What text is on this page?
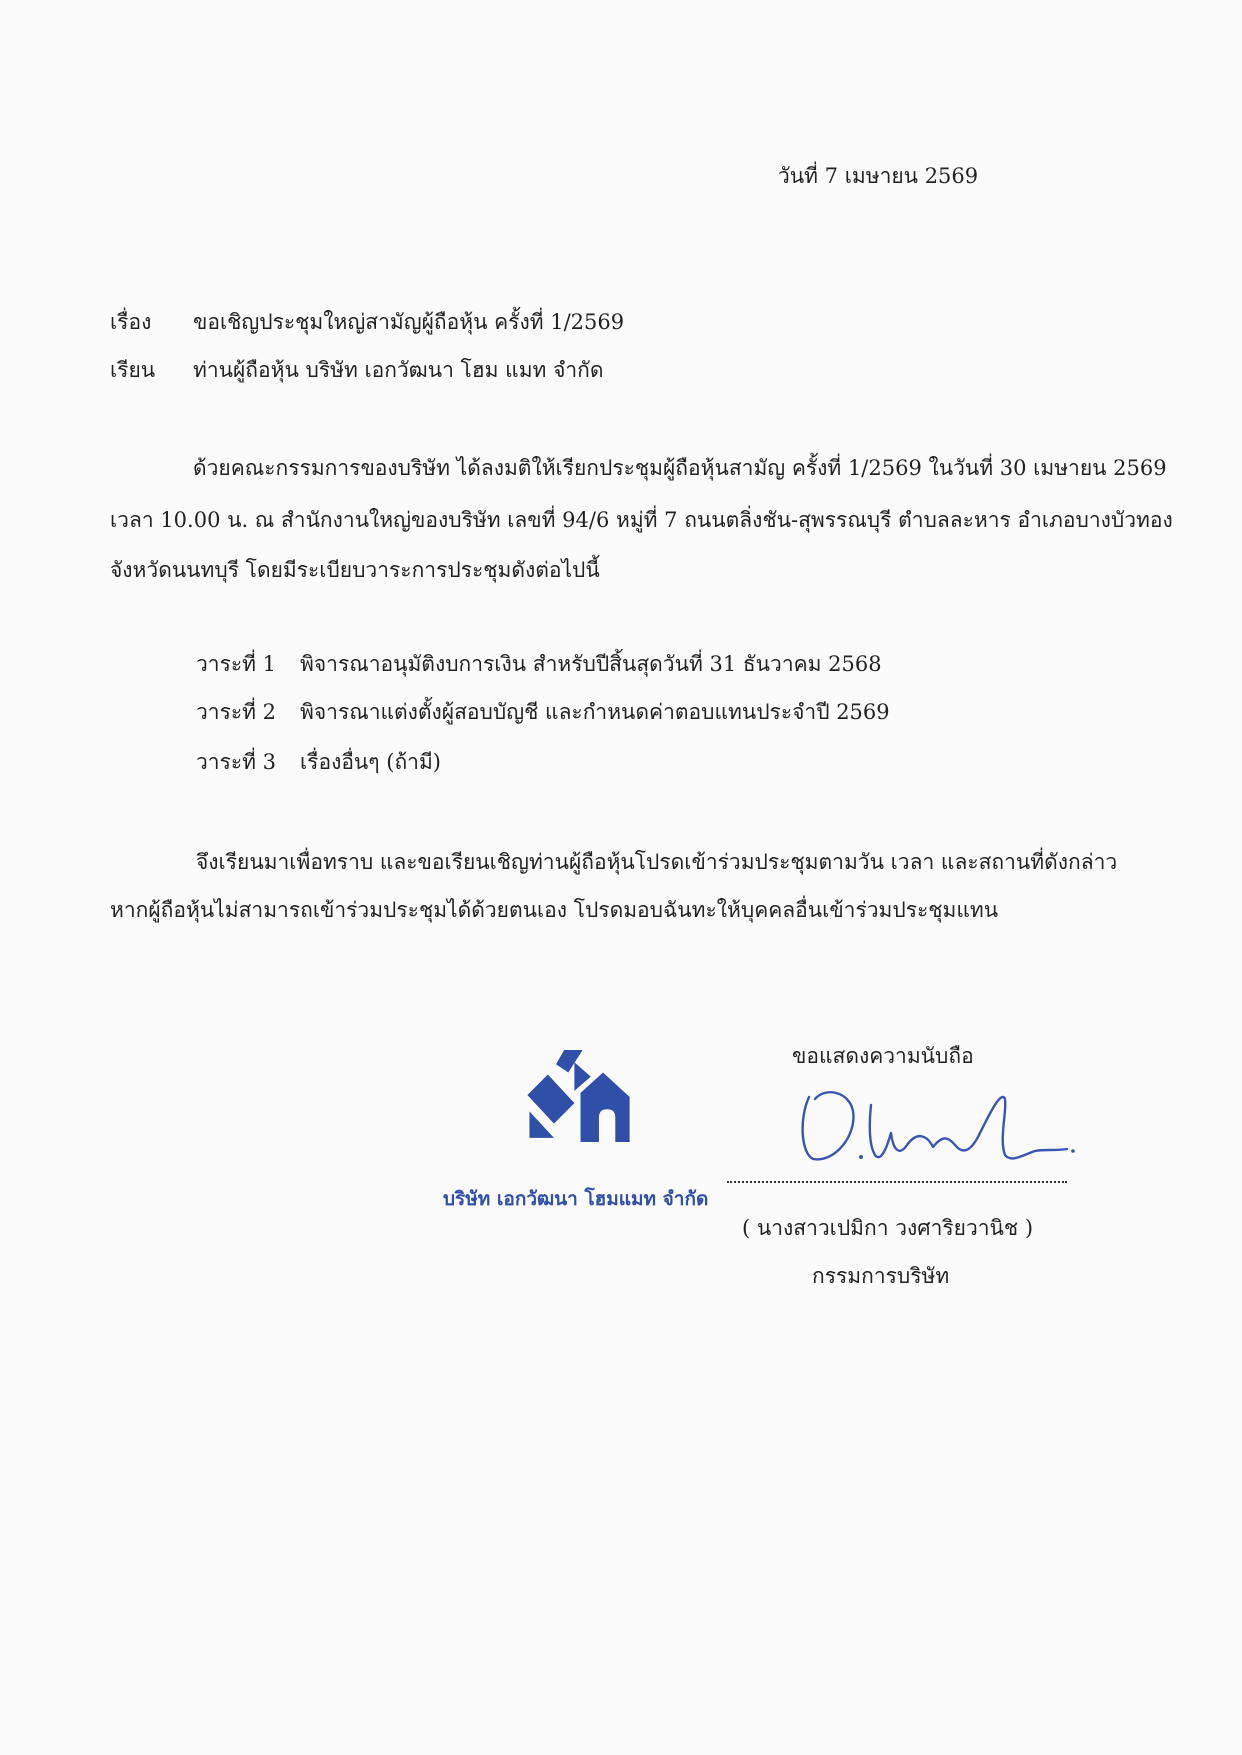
วันที่ 7 เมษายน 2569
เรื่อง ขอเชิญประชุมใหญ่สามัญผู้ถือหุ้น ครั้งที่ 1/2569
เรียน ท่านผู้ถือหุ้น บริษัท เอกวัฒนา โฮม แมท จำกัด
ด้วยคณะกรรมการของบริษัท ได้ลงมติให้เรียกประชุมผู้ถือหุ้นสามัญ ครั้งที่ 1/2569 ในวันที่ 30 เมษายน 2569
เวลา 10.00 น. ณ สำนักงานใหญ่ของบริษัท เลขที่ 94/6 หมู่ที่ 7 ถนนตลิ่งชัน-สุพรรณบุรี ตำบลละหาร อำเภอบางบัวทอง
จังหวัดนนทบุรี โดยมีระเบียบวาระการประชุมดังต่อไปนี้
วาระที่ 1 พิจารณาอนุมัติงบการเงิน สำหรับปีสิ้นสุดวันที่ 31 ธันวาคม 2568
วาระที่ 2 พิจารณาแต่งตั้งผู้สอบบัญชี และกำหนดค่าตอบแทนประจำปี 2569
วาระที่ 3 เรื่องอื่นๆ (ถ้ามี)
จึงเรียนมาเพื่อทราบ และขอเรียนเชิญท่านผู้ถือหุ้นโปรดเข้าร่วมประชุมตามวัน เวลา และสถานที่ดังกล่าว
หากผู้ถือหุ้นไม่สามารถเข้าร่วมประชุมได้ด้วยตนเอง โปรดมอบฉันทะให้บุคคลอื่นเข้าร่วมประชุมแทน
ขอแสดงความนับถือ
บริษัท เอกวัฒนา โฮมแมท จำกัด
( นางสาวเปมิกา วงศาริยวานิช )
กรรมการบริษัท
